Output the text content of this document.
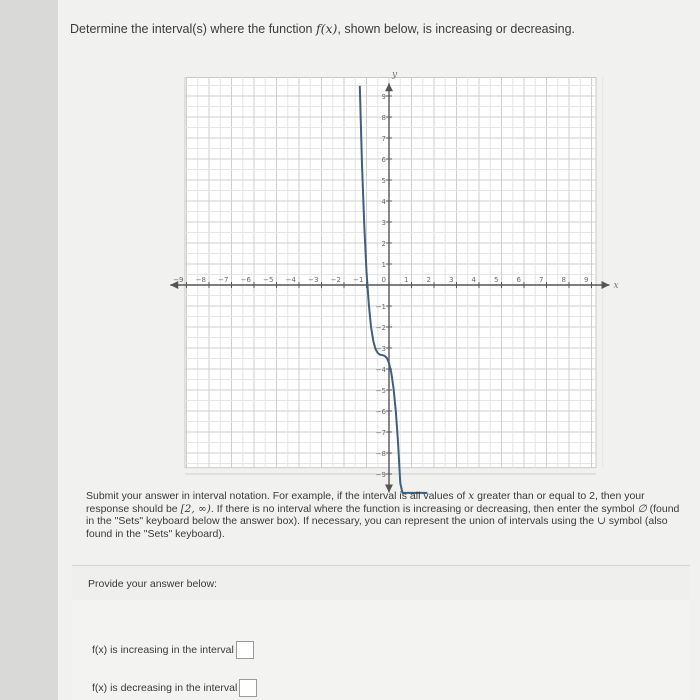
Determine the interval(s) where the function f(x), shown below, is increasing or decreasing.
x
y
−9 −8 −7 −6 −5 −4 −3 −2 −1	0	1	2	3	4	5	6	7	8	9
−9
−8
−7
−6
−5
−4
−3
−2
−1
1
2
3
4
5
6
7
8
9
Submit your answer in interval notation. For example, if the interval is all values of x greater than or equal to 2, then your response should be [2, ∞). If there is no interval where the function is increasing or decreasing, then enter the symbol ∅ (found in the "Sets" keyboard below the answer box). If necessary, you can represent the union of intervals using the ∪ symbol (also found in the "Sets" keyboard).
Provide your answer below:
f(x) is increasing in the interval
f(x) is decreasing in the interval
